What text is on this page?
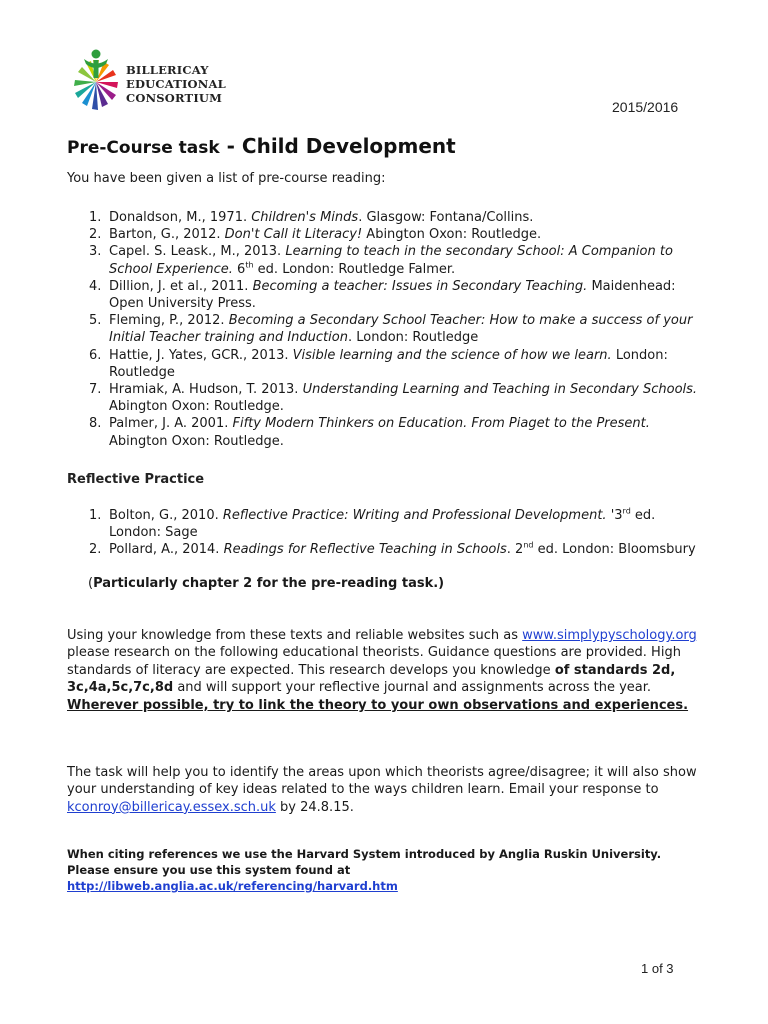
BILLERICAY
EDUCATIONAL
CONSORTIUM
2015/2016
Pre-Course task - Child Development
You have been given a list of pre-course reading:
1. Donaldson, M., 1971. Children's Minds. Glasgow: Fontana/Collins.
2. Barton, G., 2012. Don't Call it Literacy! Abington Oxon: Routledge.
3. Capel. S. Leask., M., 2013. Learning to teach in the secondary School: A Companion to School Experience. 6th ed. London: Routledge Falmer.
4. Dillion, J. et al., 2011. Becoming a teacher: Issues in Secondary Teaching. Maidenhead: Open University Press.
5. Fleming, P., 2012. Becoming a Secondary School Teacher: How to make a success of your Initial Teacher training and Induction. London: Routledge
6. Hattie, J. Yates, GCR., 2013. Visible learning and the science of how we learn. London: Routledge
7. Hramiak, A. Hudson, T. 2013. Understanding Learning and Teaching in Secondary Schools. Abington Oxon: Routledge.
8. Palmer, J. A. 2001. Fifty Modern Thinkers on Education. From Piaget to the Present. Abington Oxon: Routledge.
Reflective Practice
1. Bolton, G., 2010. Reflective Practice: Writing and Professional Development. '3rd ed. London: Sage
2. Pollard, A., 2014. Readings for Reflective Teaching in Schools. 2nd ed. London: Bloomsbury
(Particularly chapter 2 for the pre-reading task.)
Using your knowledge from these texts and reliable websites such as www.simplypyschology.org please research on the following educational theorists. Guidance questions are provided. High standards of literacy are expected. This research develops you knowledge of standards 2d, 3c,4a,5c,7c,8d and will support your reflective journal and assignments across the year. Wherever possible, try to link the theory to your own observations and experiences.
The task will help you to identify the areas upon which theorists agree/disagree; it will also show your understanding of key ideas related to the ways children learn. Email your response to kconroy@billericay.essex.sch.uk by 24.8.15.
When citing references we use the Harvard System introduced by Anglia Ruskin University. Please ensure you use this system found at
http://libweb.anglia.ac.uk/referencing/harvard.htm
1 of 3
